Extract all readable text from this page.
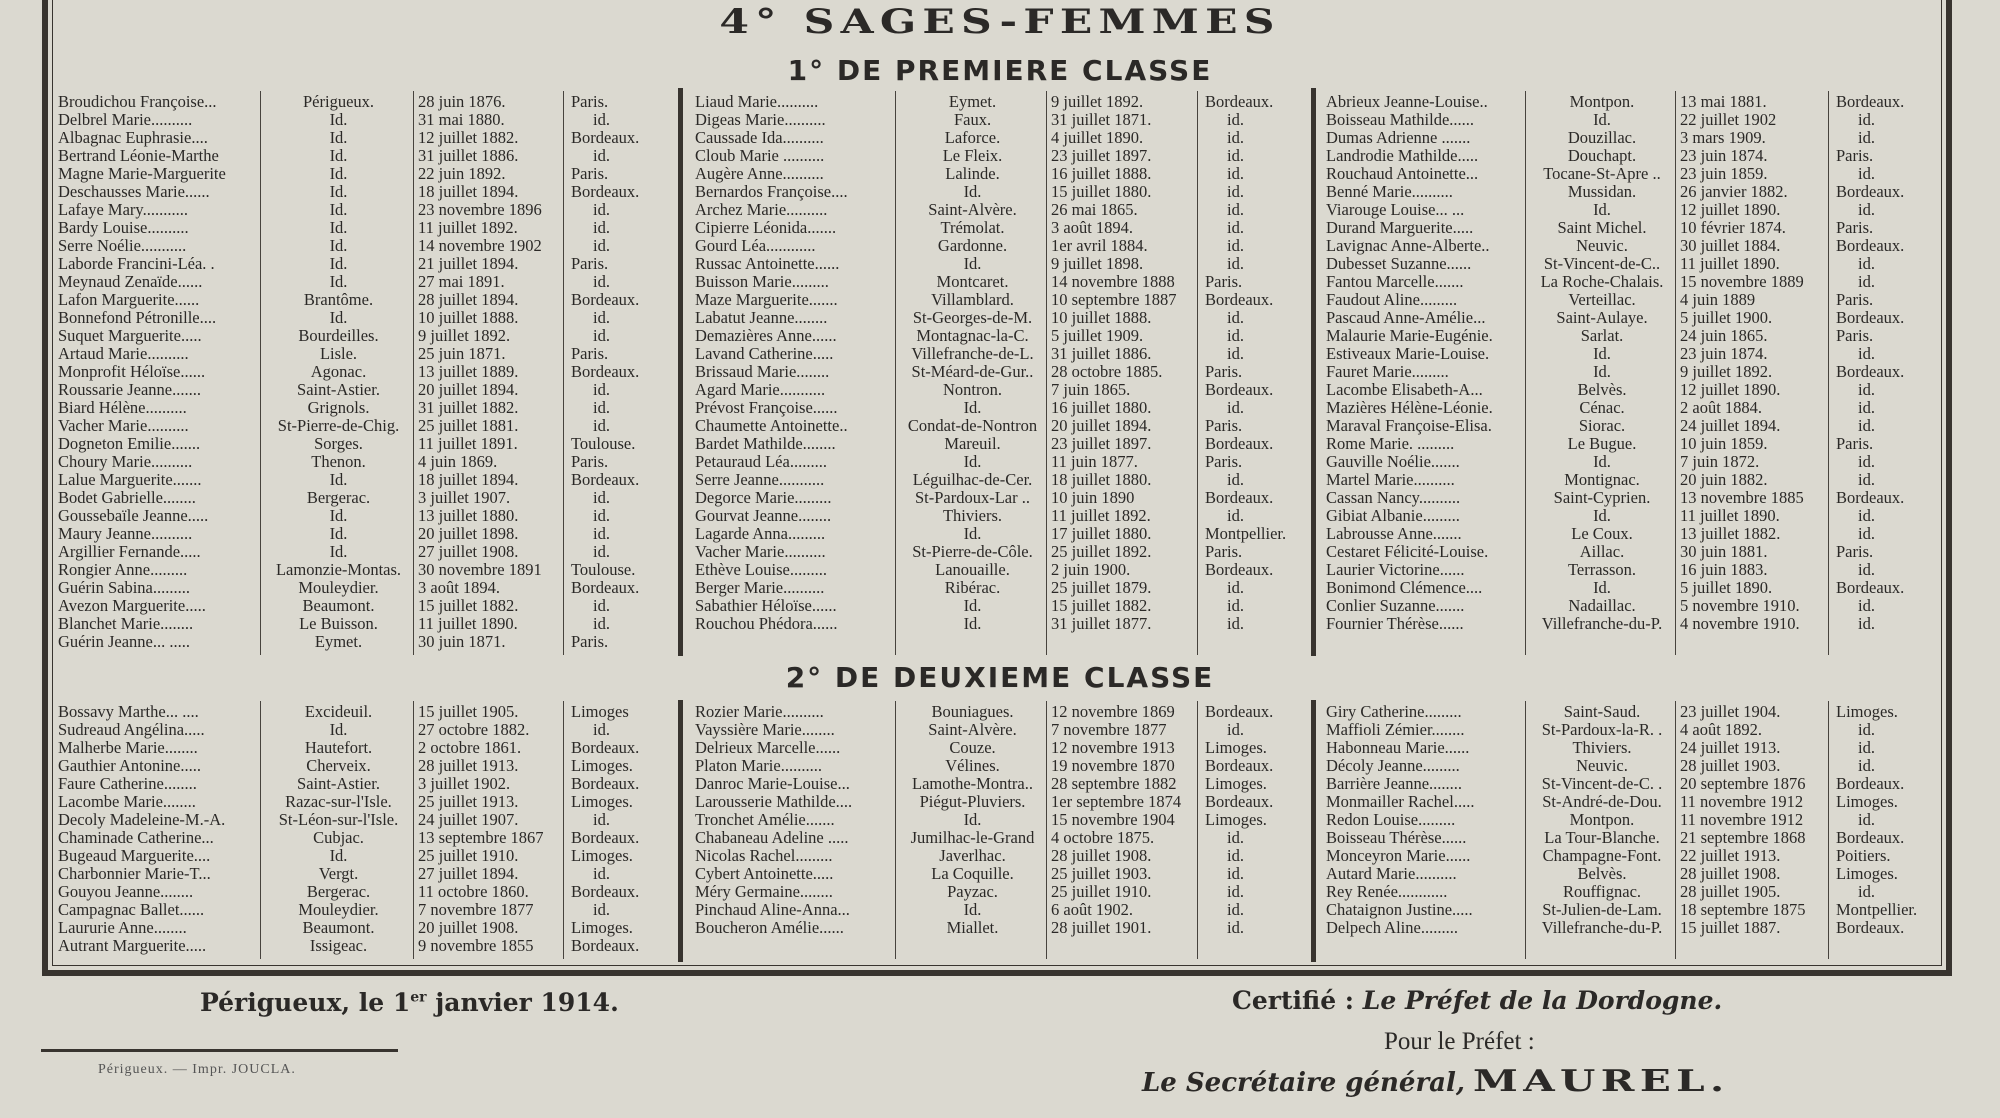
4° SAGES-FEMMES
1° DE PREMIERE CLASSE
2° DE DEUXIEME CLASSE
Broudichou Françoise...	Périgueux.	28 juin 1876.	Paris.
Delbrel Marie..........	Id.	31 mai 1880.	id.
Albagnac Euphrasie....	Id.	12 juillet 1882.	Bordeaux.
Bertrand Léonie-Marthe	Id.	31 juillet 1886.	id.
Magne Marie-Marguerite	Id.	22 juin 1892.	Paris.
Deschausses Marie......	Id.	18 juillet 1894.	Bordeaux.
Lafaye Mary...........	Id.	23 novembre 1896	id.
Bardy Louise..........	Id.	11 juillet 1892.	id.
Serre Noélie...........	Id.	14 novembre 1902	id.
Laborde Francini-Léa. .	Id.	21 juillet 1894.	Paris.
Meynaud Zenaïde......	Id.	27 mai 1891.	id.
Lafon Marguerite......	Brantôme.	28 juillet 1894.	Bordeaux.
Bonnefond Pétronille....	Id.	10 juillet 1888.	id.
Suquet Marguerite.....	Bourdeilles.	9 juillet 1892.	id.
Artaud Marie..........	Lisle.	25 juin 1871.	Paris.
Monprofit Héloïse......	Agonac.	13 juillet 1889.	Bordeaux.
Roussarie Jeanne.......	Saint-Astier.	20 juillet 1894.	id.
Biard Hélène..........	Grignols.	31 juillet 1882.	id.
Vacher Marie..........	St-Pierre-de-Chig.	25 juillet 1881.	id.
Dogneton Emilie.......	Sorges.	11 juillet 1891.	Toulouse.
Choury Marie..........	Thenon.	4 juin 1869.	Paris.
Lalue Marguerite.......	Id.	18 juillet 1894.	Bordeaux.
Bodet Gabrielle........	Bergerac.	3 juillet 1907.	id.
Goussebaïle Jeanne.....	Id.	13 juillet 1880.	id.
Maury Jeanne..........	Id.	20 juillet 1898.	id.
Argillier Fernande.....	Id.	27 juillet 1908.	id.
Rongier Anne.........	Lamonzie-Montas.	30 novembre 1891	Toulouse.
Guérin Sabina.........	Mouleydier.	3 août 1894.	Bordeaux.
Avezon Marguerite.....	Beaumont.	15 juillet 1882.	id.
Blanchet Marie........	Le Buisson.	11 juillet 1890.	id.
Guérin Jeanne... .....	Eymet.	30 juin 1871.	Paris.
Liaud Marie..........	Eymet.	9 juillet 1892.	Bordeaux.
Digeas Marie..........	Faux.	31 juillet 1871.	id.
Caussade Ida..........	Laforce.	4 juillet 1890.	id.
Cloub Marie ..........	Le Fleix.	23 juillet 1897.	id.
Augère Anne..........	Lalinde.	16 juillet 1888.	id.
Bernardos Françoise....	Id.	15 juillet 1880.	id.
Archez Marie..........	Saint-Alvère.	26 mai 1865.	id.
Cipierre Léonida.......	Trémolat.	3 août 1894.	id.
Gourd Léa............	Gardonne.	1er avril 1884.	id.
Russac Antoinette......	Id.	9 juillet 1898.	id.
Buisson Marie.........	Montcaret.	14 novembre 1888	Paris.
Maze Marguerite.......	Villamblard.	10 septembre 1887	Bordeaux.
Labatut Jeanne........	St-Georges-de-M.	10 juillet 1888.	id.
Demazières Anne......	Montagnac-la-C.	5 juillet 1909.	id.
Lavand Catherine.....	Villefranche-de-L.	31 juillet 1886.	id.
Brissaud Marie........	St-Méard-de-Gur..	28 octobre 1885.	Paris.
Agard Marie...........	Nontron.	7 juin 1865.	Bordeaux.
Prévost Françoise......	Id.	16 juillet 1880.	id.
Chaumette Antoinette..	Condat-de-Nontron 20 juillet 1894.	Paris.
Bardet Mathilde........	Mareuil.	23 juillet 1897.	Bordeaux.
Petauraud Léa.........	Id.	11 juin 1877.	Paris.
Serre Jeanne...........	Léguilhac-de-Cer.	18 juillet 1880.	id.
Degorce Marie.........	St-Pardoux-Lar ..	10 juin 1890	Bordeaux.
Gourvat Jeanne........	Thiviers.	11 juillet 1892.	id.
Lagarde Anna.........	Id.	17 juillet 1880.	Montpellier.
Vacher Marie..........	St-Pierre-de-Côle.	25 juillet 1892.	Paris.
Ethève Louise.........	Lanouaille.	2 juin 1900.	Bordeaux.
Berger Marie..........	Ribérac.	25 juillet 1879.	id.
Sabathier Héloïse......	Id.	15 juillet 1882.	id.
Rouchou Phédora......	Id.	31 juillet 1877.	id.
Abrieux Jeanne-Louise..	Montpon.	13 mai 1881.	Bordeaux.
Boisseau Mathilde......	Id.	22 juillet 1902	id.
Dumas Adrienne .......	Douzillac.	3 mars 1909.	id.
Landrodie Mathilde.....	Douchapt.	23 juin 1874.	Paris.
Rouchaud Antoinette...	Tocane-St-Apre ..	23 juin 1859.	id.
Benné Marie..........	Mussidan.	26 janvier 1882.	Bordeaux.
Viarouge Louise... ...	Id.	12 juillet 1890.	id.
Durand Marguerite.....	Saint Michel.	10 février 1874.	Paris.
Lavignac Anne-Alberte..	Neuvic.	30 juillet 1884.	Bordeaux.
Dubesset Suzanne......	St-Vincent-de-C..	11 juillet 1890.	id.
Fantou Marcelle.......	La Roche-Chalais.	15 novembre 1889	id.
Faudout Aline.........	Verteillac.	4 juin 1889	Paris.
Pascaud Anne-Amélie...	Saint-Aulaye.	5 juillet 1900.	Bordeaux.
Malaurie Marie-Eugénie.	Sarlat.	24 juin 1865.	Paris.
Estiveaux Marie-Louise.	Id.	23 juin 1874.	id.
Fauret Marie.........	Id.	9 juillet 1892.	Bordeaux.
Lacombe Elisabeth-A...	Belvès.	12 juillet 1890.	id.
Mazières Hélène-Léonie.	Cénac.	2 août 1884.	id.
Maraval Françoise-Elisa.	Siorac.	24 juillet 1894.	id.
Rome Marie. .........	Le Bugue.	10 juin 1859.	Paris.
Gauville Noélie.......	Id.	7 juin 1872.	id.
Martel Marie..........	Montignac.	20 juin 1882.	id.
Cassan Nancy..........	Saint-Cyprien.	13 novembre 1885	Bordeaux.
Gibiat Albanie.........	Id.	11 juillet 1890.	id.
Labrousse Anne.......	Le Coux.	13 juillet 1882.	id.
Cestaret Félicité-Louise.	Aillac.	30 juin 1881.	Paris.
Laurier Victorine......	Terrasson.	16 juin 1883.	id.
Bonimond Clémence....	Id.	5 juillet 1890.	Bordeaux.
Conlier Suzanne.......	Nadaillac.	5 novembre 1910.	id.
Fournier Thérèse......	Villefranche-du-P.	4 novembre 1910.	id.
Bossavy Marthe... ....	Excideuil.	15 juillet 1905.	Limoges
Sudreaud Angélina.....	Id.	27 octobre 1882.	id.
Malherbe Marie........	Hautefort.	2 octobre 1861.	Bordeaux.
Gauthier Antonine.....	Cherveix.	28 juillet 1913.	Limoges.
Faure Catherine........	Saint-Astier.	3 juillet 1902.	Bordeaux.
Lacombe Marie........	Razac-sur-l'Isle.	25 juillet 1913.	Limoges.
Decoly Madeleine-M.-A.	St-Léon-sur-l'Isle.	24 juillet 1907.	id.
Chaminade Catherine...	Cubjac.	13 septembre 1867	Bordeaux.
Bugeaud Marguerite....	Id.	25 juillet 1910.	Limoges.
Charbonnier Marie-T...	Vergt.	27 juillet 1894.	id.
Gouyou Jeanne........	Bergerac.	11 octobre 1860.	Bordeaux.
Campagnac Ballet......	Mouleydier.	7 novembre 1877	id.
Laururie Anne........	Beaumont.	20 juillet 1908.	Limoges.
Autrant Marguerite.....	Issigeac.	9 novembre 1855	Bordeaux.
Rozier Marie..........	Bouniagues.	12 novembre 1869	Bordeaux.
Vayssière Marie........	Saint-Alvère.	7 novembre 1877	id.
Delrieux Marcelle......	Couze.	12 novembre 1913	Limoges.
Platon Marie..........	Vélines.	19 novembre 1870	Bordeaux.
Danroc Marie-Louise...	Lamothe-Montra..	28 septembre 1882	Limoges.
Larousserie Mathilde....	Piégut-Pluviers.	1er septembre 1874	Bordeaux.
Tronchet Amélie.......	Id.	15 novembre 1904	Limoges.
Chabaneau Adeline .....	Jumilhac-le-Grand	4 octobre 1875.	id.
Nicolas Rachel.........	Javerlhac.	28 juillet 1908.	id.
Cybert Antoinette.....	La Coquille.	25 juillet 1903.	id.
Méry Germaine........	Payzac.	25 juillet 1910.	id.
Pinchaud Aline-Anna...	Id.	6 août 1902.	id.
Boucheron Amélie......	Miallet.	28 juillet 1901.	id.
Giry Catherine.........	Saint-Saud.	23 juillet 1904.	Limoges.
Maffioli Zémier........	St-Pardoux-la-R. .	4 août 1892.	id.
Habonneau Marie......	Thiviers.	24 juillet 1913.	id.
Décoly Jeanne.........	Neuvic.	28 juillet 1903.	id.
Barrière Jeanne........	St-Vincent-de-C. .	20 septembre 1876	Bordeaux.
Monmailler Rachel.....	St-André-de-Dou.	11 novembre 1912	Limoges.
Redon Louise.........	Montpon.	11 novembre 1912	id.
Boisseau Thérèse......	La Tour-Blanche.	21 septembre 1868	Bordeaux.
Monceyron Marie......	Champagne-Font.	22 juillet 1913.	Poitiers.
Autard Marie..........	Belvès.	28 juillet 1908.	Limoges.
Rey Renée............	Rouffignac.	28 juillet 1905.	id.
Chataignon Justine.....	St-Julien-de-Lam.	18 septembre 1875	Montpellier.
Delpech Aline.........	Villefranche-du-P.	15 juillet 1887.	Bordeaux.
Périgueux, le 1er janvier 1914.	Certifié : Le Préfet de la Dordogne.
Pour le Préfet :
Le Secrétaire général, MAUREL.
Périgueux. — Impr. JOUCLA.
